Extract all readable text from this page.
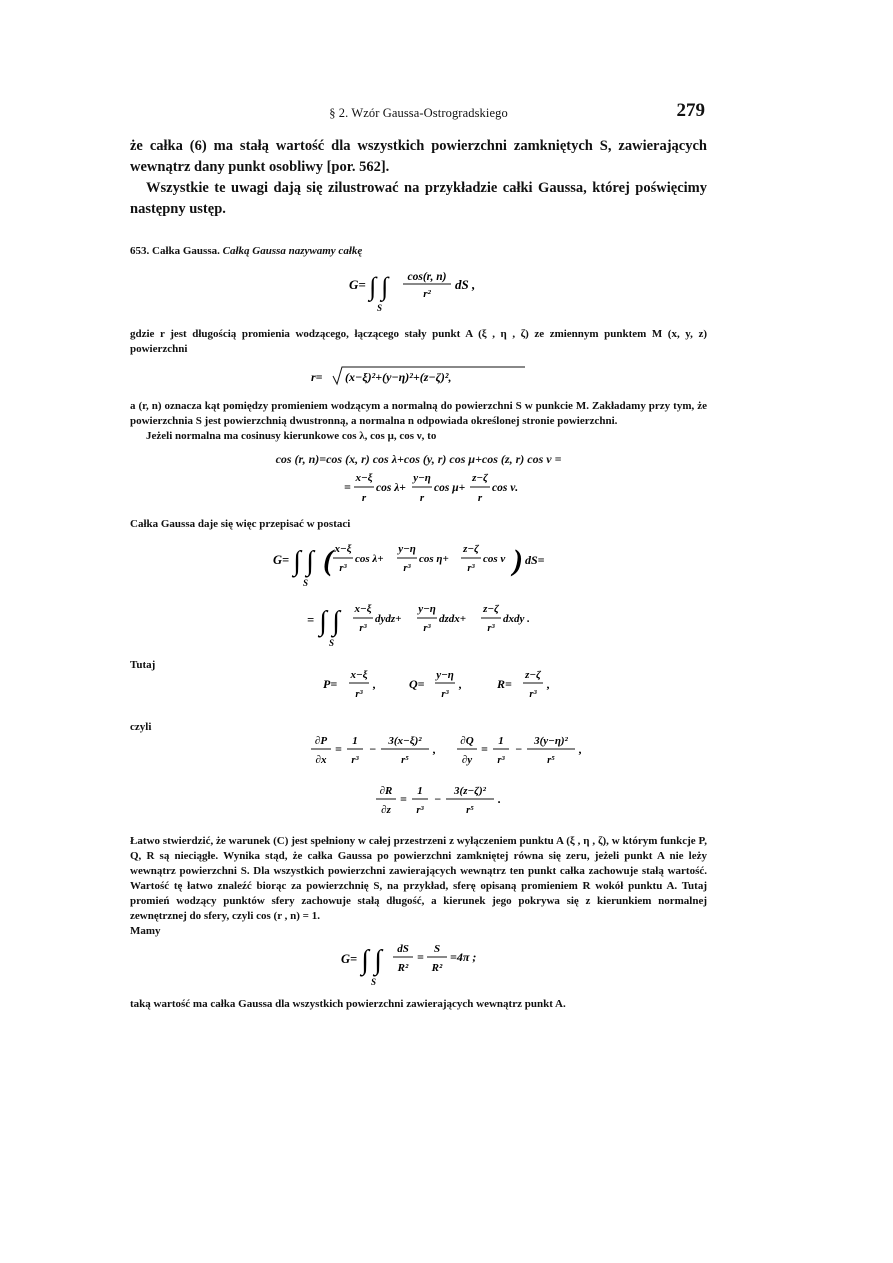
§ 2. Wzór Gaussa-Ostrogradskiego	279

że całka (6) ma stałą wartość dla wszystkich powierzchni zamkniętych S, zawierających wewnątrz dany punkt osobliwy [por. 562].

Wszystkie te uwagi dają się zilustrować na przykładzie całki Gaussa, której poświęcimy następny ustęp.

653. Całka Gaussa. Całką Gaussa nazywamy całkę

G= ∫ ∫ cos(r, n)
r²
dS ,
S

gdzie r jest długością promienia wodzącego, łączącego stały punkt A (ξ , η , ζ) ze zmiennym punktem M (x, y, z) powierzchni

r= (x−ξ)²+(y−η)²+(z−ζ)²,

a (r, n) oznacza kąt pomiędzy promieniem wodzącym a normalną do powierzchni S w punkcie M. Zakładamy przy tym, że powierzchnia S jest powierzchnią dwustronną, a normalna n odpowiada określonej stronie powierzchni.

Jeżeli normalna ma cosinusy kierunkowe cos λ, cos μ, cos ν, to

cos (r, n)=cos (x, r) cos λ+cos (y, r) cos μ+cos (z, r) cos ν =
=
x−ξ
r
cos λ+
y−η
r
cos μ+
z−ζ
r
cos ν.

Całka Gaussa daje się więc przepisać w postaci

G= ∫ ∫ ( x−ξ
r³
cos λ+
y−η
r³
cos η+
z−ζ
r³
cos ν ) dS=
S
= ∫ ∫ x−ξ
r³
dydz+
y−η
r³
dzdx+
z−ζ
r³
dxdy .
S
Tutaj
P=
x−ξ
r³
,	Q=
y−η
r³
,	R=
z−ζ
r³
,
czyli
∂P
∂x
=
1
r³
−
3(x−ξ)²
r⁵
,
∂Q
∂y
=
1
r³
−
3(y−η)²
r⁵
,
∂R
∂z
=
1
r³
−
3(z−ζ)²
r⁵
.

Łatwo stwierdzić, że warunek (C) jest spełniony w całej przestrzeni z wyłączeniem punktu A (ξ , η , ζ), w którym funkcje P, Q, R są nieciągłe. Wynika stąd, że całka Gaussa po powierzchni zamkniętej równa się zeru, jeżeli punkt A nie leży wewnątrz powierzchni S. Dla wszystkich powierzchni zawierających wewnątrz ten punkt całka zachowuje stałą wartość. Wartość tę łatwo znaleźć biorąc za powierzchnię S, na przykład, sferę opisaną promieniem R wokół punktu A. Tutaj promień wodzący punktów sfery zachowuje stałą długość, a kierunek jego pokrywa się z kierunkiem normalnej zewnętrznej do sfery, czyli cos (r , n) = 1.

Mamy

G= ∫ ∫ dS
R²
=
S
R²
=4π ;
S

taką wartość ma całka Gaussa dla wszystkich powierzchni zawierających wewnątrz punkt A.
